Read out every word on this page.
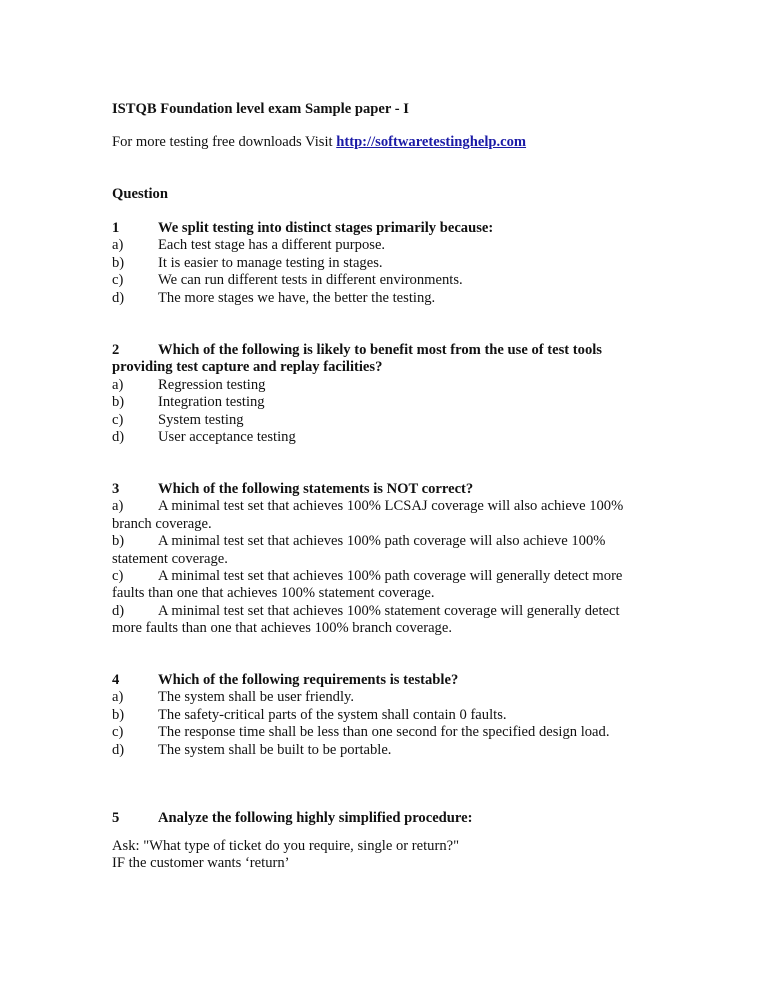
ISTQB Foundation level exam Sample paper - I
For more testing free downloads Visit http://softwaretestinghelp.com
Question
1	We split testing into distinct stages primarily because:
a) Each test stage has a different purpose.
b) It is easier to manage testing in stages.
c) We can run different tests in different environments.
d) The more stages we have, the better the testing.
2	Which of the following is likely to benefit most from the use of test tools
providing test capture and replay facilities?
a) Regression testing
b) Integration testing
c) System testing
d) User acceptance testing
3	Which of the following statements is NOT correct?
a) A minimal test set that achieves 100% LCSAJ coverage will also achieve 100%
branch coverage.
b) A minimal test set that achieves 100% path coverage will also achieve 100%
statement coverage.
c) A minimal test set that achieves 100% path coverage will generally detect more
faults than one that achieves 100% statement coverage.
d) A minimal test set that achieves 100% statement coverage will generally detect
more faults than one that achieves 100% branch coverage.
4	Which of the following requirements is testable?
a) The system shall be user friendly.
b) The safety-critical parts of the system shall contain 0 faults.
c) The response time shall be less than one second for the specified design load.
d) The system shall be built to be portable.
5	Analyze the following highly simplified procedure:
Ask: "What type of ticket do you require, single or return?"
IF the customer wants ‘return’
